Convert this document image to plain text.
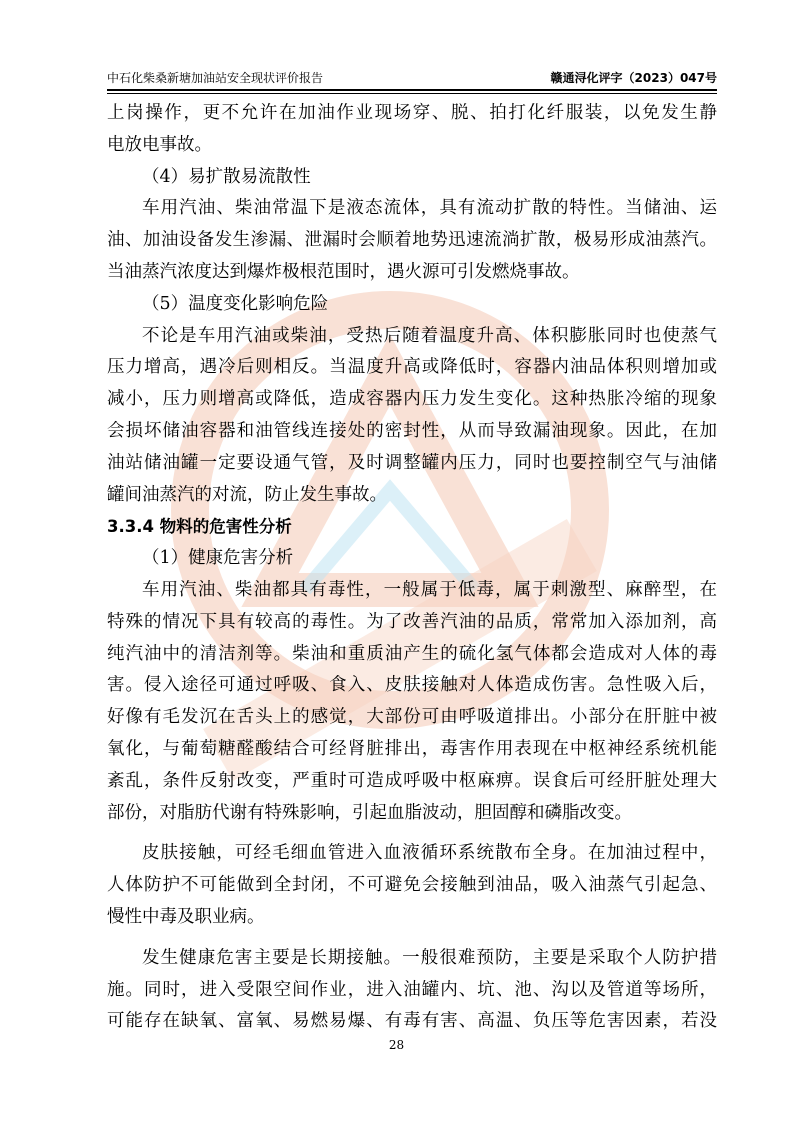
中石化柴桑新塘加油站安全现状评价报告	赣通浔化评字（2023）047号
上岗操作，更不允许在加油作业现场穿、脱、拍打化纤服装，以免发生静
电放电事故。
（4）易扩散易流散性
车用汽油、柴油常温下是液态流体，具有流动扩散的特性。当储油、运
油、加油设备发生渗漏、泄漏时会顺着地势迅速流淌扩散，极易形成油蒸汽。
当油蒸汽浓度达到爆炸极根范围时，遇火源可引发燃烧事故。
（5）温度变化影响危险
不论是车用汽油或柴油，受热后随着温度升高、体积膨胀同时也使蒸气
压力增高，遇冷后则相反。当温度升高或降低时，容器内油品体积则增加或
减小，压力则增高或降低，造成容器内压力发生变化。这种热胀冷缩的现象
会损坏储油容器和油管线连接处的密封性，从而导致漏油现象。因此，在加
油站储油罐一定要设通气管，及时调整罐内压力，同时也要控制空气与油储
罐间油蒸汽的对流，防止发生事故。
3.3.4 物料的危害性分析
（1）健康危害分析
车用汽油、柴油都具有毒性，一般属于低毒，属于刺激型、麻醉型，在
特殊的情况下具有较高的毒性。为了改善汽油的品质，常常加入添加剂，高
纯汽油中的清洁剂等。柴油和重质油产生的硫化氢气体都会造成对人体的毒
害。侵入途径可通过呼吸、食入、皮肤接触对人体造成伤害。急性吸入后，
好像有毛发沉在舌头上的感觉，大部份可由呼吸道排出。小部分在肝脏中被
氧化，与葡萄糖醛酸结合可经肾脏排出，毒害作用表现在中枢神经系统机能
紊乱，条件反射改变，严重时可造成呼吸中枢麻痹。误食后可经肝脏处理大
部份，对脂肪代谢有特殊影响，引起血脂波动，胆固醇和磷脂改变。
皮肤接触，可经毛细血管进入血液循环系统散布全身。在加油过程中，
人体防护不可能做到全封闭，不可避免会接触到油品，吸入油蒸气引起急、
慢性中毒及职业病。
发生健康危害主要是长期接触。一般很难预防，主要是采取个人防护措
施。同时，进入受限空间作业，进入油罐内、坑、池、沟以及管道等场所，
可能存在缺氧、富氧、易燃易爆、有毒有害、高温、负压等危害因素，若没
28
